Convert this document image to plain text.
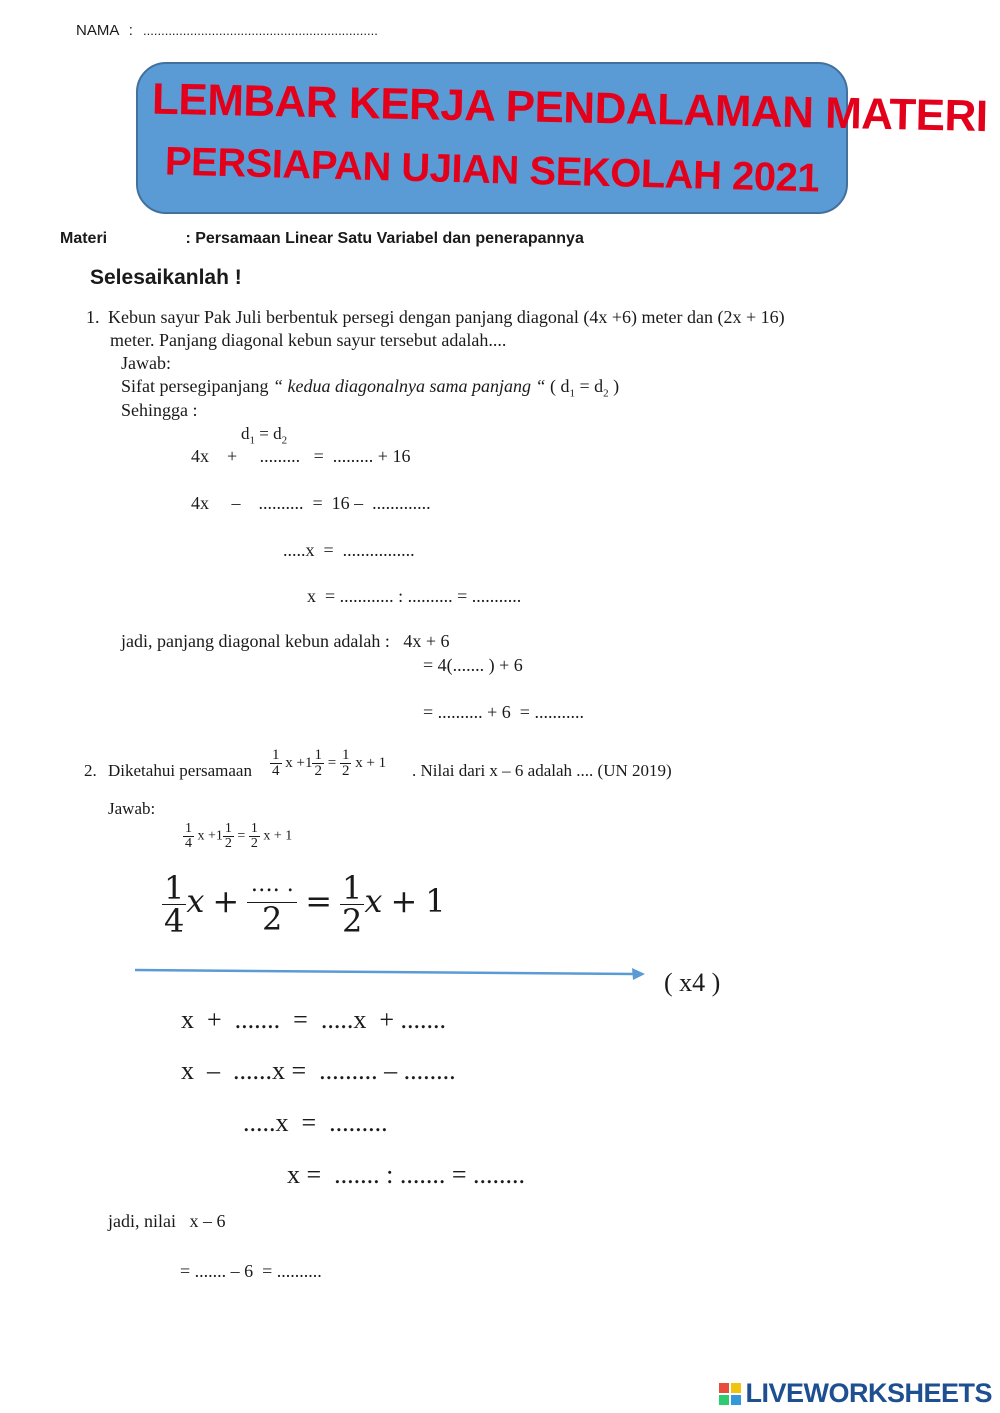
NAMA : .................................................................
LEMBAR KERJA PENDALAMAN MATERI
PERSIAPAN UJIAN SEKOLAH 2021
Materi	: Persamaan Linear Satu Variabel dan penerapannya
Selesaikanlah !
1. Kebun sayur Pak Juli berbentuk persegi dengan panjang diagonal (4x +6) meter dan (2x + 16)
meter. Panjang diagonal kebun sayur tersebut adalah....
Jawab:
Sifat persegipanjang “ kedua diagonalnya sama panjang “ ( $d_1 = d_2$ )
Sehingga :
$d_1 = d_2$
4x    +     .........   =  ......... + 16
4x     –    ..........  =  16 –  .............
.....x  =  ................
x  = ............ : .......... = ...........
jadi, panjang diagonal kebun adalah :   4x + 6
= 4(....... ) + 6
= .......... + 6  = ...........
2. Diketahui persamaan $\frac{1}{4}$ $x +1 \frac{1}{2} = \frac{1}{2}$ x + 1 . Nilai dari x – 6 adalah .... (UN 2019)
Jawab:
$\frac{1}{4}$ $x +1 \frac{1}{2} = \frac{1}{2}$ x + 1
$\frac{1}{4}$ $x + \frac{\dots. .}{2} = \frac{1}{2}$ x + 1
( x4 )
x  +  .......  =  .....x  + .......
x  –  ......x =  ......... – ........
.....x  =  .........
x =  ....... : ....... = ........
jadi, nilai   x – 6
= ....... – 6  = ..........
LIVEWORKSHEETS
